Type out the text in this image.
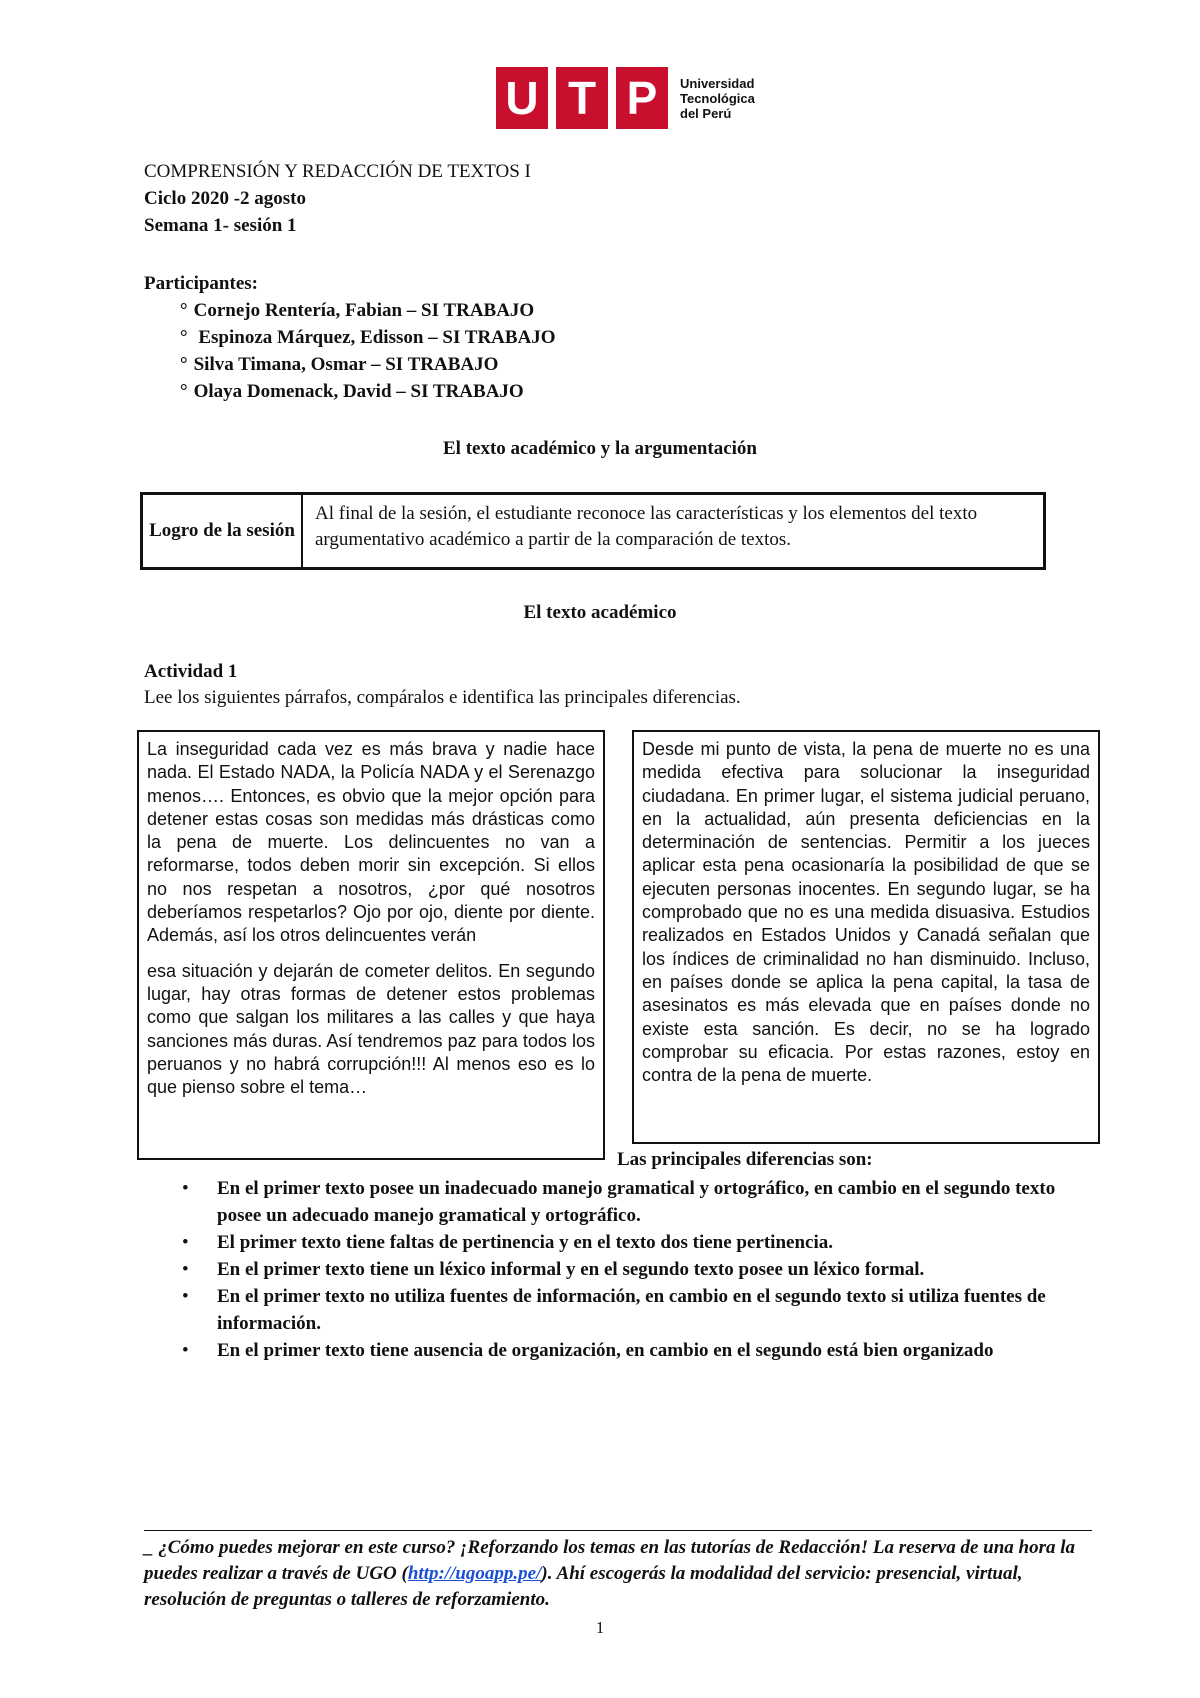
U T P	Universidad
Tecnológica
del Perú
COMPRENSIÓN Y REDACCIÓN DE TEXTOS I
Ciclo 2020 -2 agosto
Semana 1- sesión 1
Participantes:
° Cornejo Rentería, Fabian – SI TRABAJO
° Espinoza Márquez, Edisson – SI TRABAJO
° Silva Timana, Osmar – SI TRABAJO
° Olaya Domenack, David – SI TRABAJO
El texto académico y la argumentación
Logro de la sesión
Al final de la sesión, el estudiante reconoce las características y los elementos del texto argumentativo académico a partir de la comparación de textos.
El texto académico
Actividad 1
Lee los siguientes párrafos, compáralos e identifica las principales diferencias.

La inseguridad cada vez es más brava y nadie hace nada. El Estado NADA, la Policía NADA y el Serenazgo menos…. Entonces, es obvio que la mejor opción para detener estas cosas son medidas más drásticas como la pena de muerte. Los delincuentes no van a reformarse, todos deben morir sin excepción. Si ellos no nos respetan a nosotros, ¿por qué nosotros deberíamos respetarlos? Ojo por ojo, diente por diente. Además, así los otros delincuentes verán

esa situación y dejarán de cometer delitos. En segundo lugar, hay otras formas de detener estos problemas como que salgan los militares a las calles y que haya sanciones más duras. Así tendremos paz para todos los peruanos y no habrá corrupción!!! Al menos eso es lo que pienso sobre el tema…

Desde mi punto de vista, la pena de muerte no es una medida efectiva para solucionar la inseguridad ciudadana. En primer lugar, el sistema judicial peruano, en la actualidad, aún presenta deficiencias en la determinación de sentencias. Permitir a los jueces aplicar esta pena ocasionaría la posibilidad de que se ejecuten personas inocentes. En segundo lugar, se ha comprobado que no es una medida disuasiva. Estudios realizados en Estados Unidos y Canadá señalan que los índices de criminalidad no han disminuido. Incluso, en países donde se aplica la pena capital, la tasa de asesinatos es más elevada que en países donde no existe esta sanción. Es decir, no se ha logrado comprobar su eficacia. Por estas razones, estoy en contra de la pena de muerte.

Las principales diferencias son:
• En el primer texto posee un inadecuado manejo gramatical y ortográfico, en cambio en el segundo texto posee un adecuado manejo gramatical y ortográfico.
• El primer texto tiene faltas de pertinencia y en el texto dos tiene pertinencia.
• En el primer texto tiene un léxico informal y en el segundo texto posee un léxico formal.
• En el primer texto no utiliza fuentes de información, en cambio en el segundo texto si utiliza fuentes de información.
• En el primer texto tiene ausencia de organización, en cambio en el segundo está bien organizado
_ ¿Cómo puedes mejorar en este curso? ¡Reforzando los temas en las tutorías de Redacción! La reserva de una hora la puedes realizar a través de UGO (http://ugoapp.pe/). Ahí escogerás la modalidad del servicio: presencial, virtual, resolución de preguntas o talleres de reforzamiento.
1
